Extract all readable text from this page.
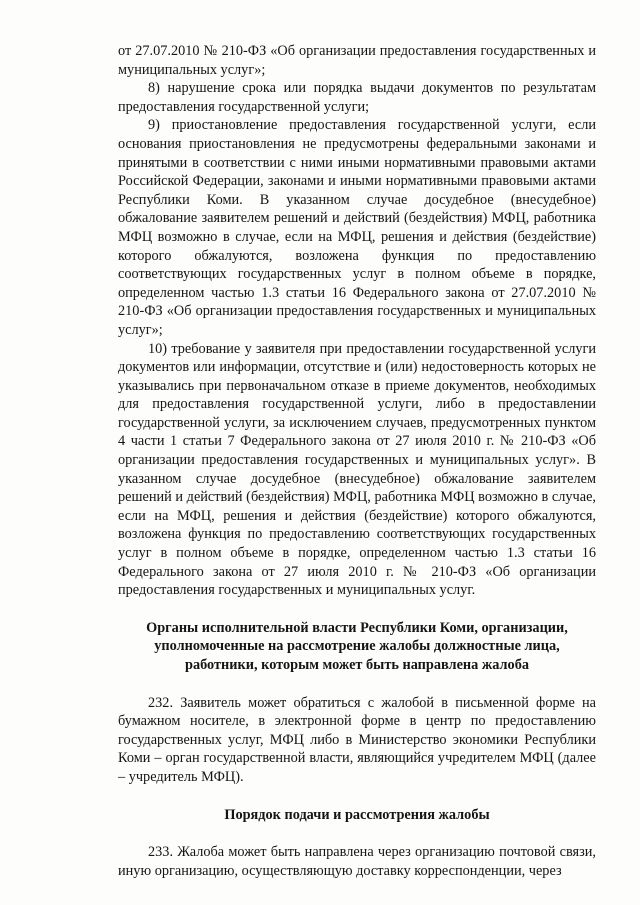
от 27.07.2010 № 210-ФЗ «Об организации предоставления государственных и муниципальных услуг»;

8) нарушение срока или порядка выдачи документов по результатам предоставления государственной услуги;

9) приостановление предоставления государственной услуги, если основания приостановления не предусмотрены федеральными законами и принятыми в соответствии с ними иными нормативными правовыми актами Российской Федерации, законами и иными нормативными правовыми актами Республики Коми. В указанном случае досудебное (внесудебное) обжалование заявителем решений и действий (бездействия) МФЦ, работника МФЦ возможно в случае, если на МФЦ, решения и действия (бездействие) которого обжалуются, возложена функция по предоставлению соответствующих государственных услуг в полном объеме в порядке, определенном частью 1.3 статьи 16 Федерального закона от 27.07.2010 № 210-ФЗ «Об организации предоставления государственных и муниципальных услуг»;

10) требование у заявителя при предоставлении государственной услуги документов или информации, отсутствие и (или) недостоверность которых не указывались при первоначальном отказе в приеме документов, необходимых для предоставления государственной услуги, либо в предоставлении государственной услуги, за исключением случаев, предусмотренных пунктом 4 части 1 статьи 7 Федерального закона от 27 июля 2010 г. № 210-ФЗ «Об организации предоставления государственных и муниципальных услуг». В указанном случае досудебное (внесудебное) обжалование заявителем решений и действий (бездействия) МФЦ, работника МФЦ возможно в случае, если на МФЦ, решения и действия (бездействие) которого обжалуются, возложена функция по предоставлению соответствующих государственных услуг в полном объеме в порядке, определенном частью 1.3 статьи 16 Федерального закона от 27 июля 2010 г. № 210-ФЗ «Об организации предоставления государственных и муниципальных услуг.

Органы исполнительной власти Республики Коми, организации, уполномоченные на рассмотрение жалобы должностные лица, работники, которым может быть направлена жалоба

232. Заявитель может обратиться с жалобой в письменной форме на бумажном носителе, в электронной форме в центр по предоставлению государственных услуг, МФЦ либо в Министерство экономики Республики Коми – орган государственной власти, являющийся учредителем МФЦ (далее – учредитель МФЦ).

Порядок подачи и рассмотрения жалобы

233. Жалоба может быть направлена через организацию почтовой связи, иную организацию, осуществляющую доставку корреспонденции, через
